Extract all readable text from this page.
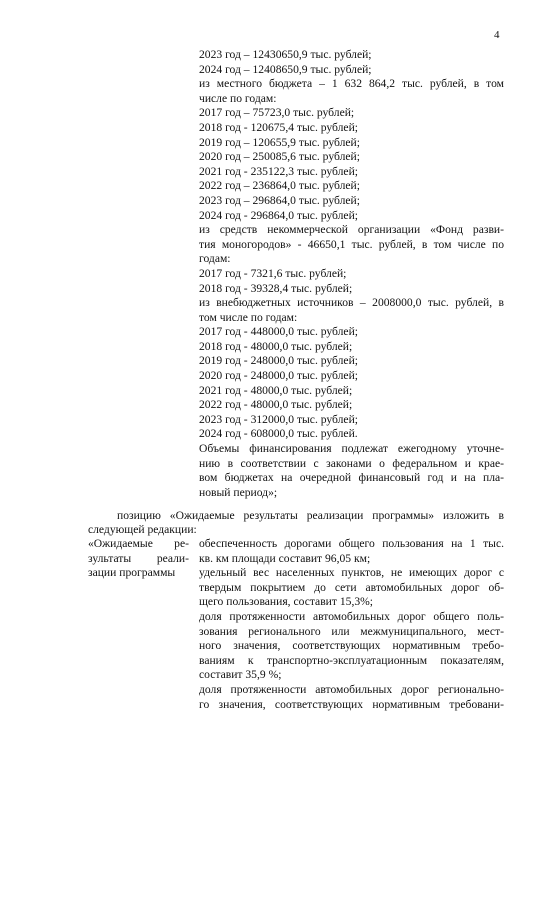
4
2023 год – 12430650,9 тыс. рублей;
2024 год – 12408650,9 тыс. рублей;
из местного бюджета – 1 632 864,2 тыс. рублей, в том
числе по годам:
2017 год – 75723,0 тыс. рублей;
2018 год - 120675,4 тыс. рублей;
2019 год – 120655,9 тыс. рублей;
2020 год – 250085,6 тыс. рублей;
2021 год - 235122,3 тыс. рублей;
2022 год – 236864,0 тыс. рублей;
2023 год – 296864,0 тыс. рублей;
2024 год - 296864,0 тыс. рублей;
из средств некоммерческой организации «Фонд разви-
тия моногородов» - 46650,1 тыс. рублей, в том числе по
годам:
2017 год - 7321,6 тыс. рублей;
2018 год - 39328,4 тыс. рублей;
из внебюджетных источников – 2008000,0 тыс. рублей, в
том числе по годам:
2017 год - 448000,0 тыс. рублей;
2018 год - 48000,0 тыс. рублей;
2019 год - 248000,0 тыс. рублей;
2020 год - 248000,0 тыс. рублей;
2021 год - 48000,0 тыс. рублей;
2022 год - 48000,0 тыс. рублей;
2023 год - 312000,0 тыс. рублей;
2024 год - 608000,0 тыс. рублей.
Объемы финансирования подлежат ежегодному уточне-
нию в соответствии с законами о федеральном и крае-
вом бюджетах на очередной финансовый год и на пла-
новый период»;
позицию «Ожидаемые результаты реализации программы» изложить в
следующей редакции:
«Ожидаемые ре-
зультаты реали-
зации программы
обеспеченность дорогами общего пользования на 1 тыс.
кв. км площади составит 96,05 км;
удельный вес населенных пунктов, не имеющих дорог с
твердым покрытием до сети автомобильных дорог об-
щего пользования, составит 15,3%;
доля протяженности автомобильных дорог общего поль-
зования регионального или межмуниципального, мест-
ного значения, соответствующих нормативным требо-
ваниям к транспортно-эксплуатационным показателям,
составит 35,9 %;
доля протяженности автомобильных дорог регионально-
го значения, соответствующих нормативным требовани-
